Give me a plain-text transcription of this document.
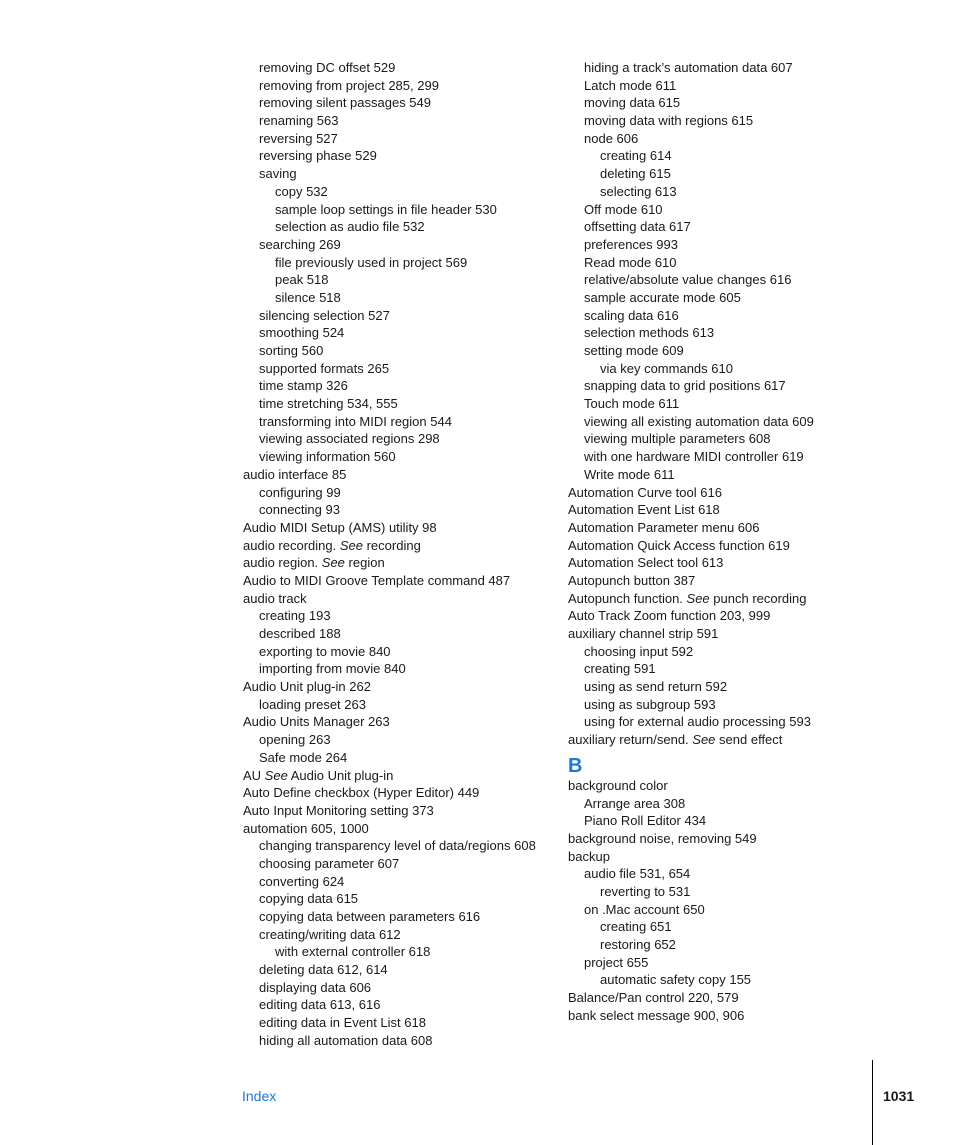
removing DC offset 529
removing from project 285, 299
removing silent passages 549
renaming 563
reversing 527
reversing phase 529
saving
copy 532
sample loop settings in file header 530
selection as audio file 532
searching 269
file previously used in project 569
peak 518
silence 518
silencing selection 527
smoothing 524
sorting 560
supported formats 265
time stamp 326
time stretching 534, 555
transforming into MIDI region 544
viewing associated regions 298
viewing information 560
audio interface 85
configuring 99
connecting 93
Audio MIDI Setup (AMS) utility 98
audio recording. See recording
audio region. See region
Audio to MIDI Groove Template command 487
audio track
creating 193
described 188
exporting to movie 840
importing from movie 840
Audio Unit plug-in 262
loading preset 263
Audio Units Manager 263
opening 263
Safe mode 264
AU See Audio Unit plug-in
Auto Define checkbox (Hyper Editor) 449
Auto Input Monitoring setting 373
automation 605, 1000
changing transparency level of data/regions 608
choosing parameter 607
converting 624
copying data 615
copying data between parameters 616
creating/writing data 612
with external controller 618
deleting data 612, 614
displaying data 606
editing data 613, 616
editing data in Event List 618
hiding all automation data 608
hiding a track’s automation data 607
Latch mode 611
moving data 615
moving data with regions 615
node 606
creating 614
deleting 615
selecting 613
Off mode 610
offsetting data 617
preferences 993
Read mode 610
relative/absolute value changes 616
sample accurate mode 605
scaling data 616
selection methods 613
setting mode 609
via key commands 610
snapping data to grid positions 617
Touch mode 611
viewing all existing automation data 609
viewing multiple parameters 608
with one hardware MIDI controller 619
Write mode 611
Automation Curve tool 616
Automation Event List 618
Automation Parameter menu 606
Automation Quick Access function 619
Automation Select tool 613
Autopunch button 387
Autopunch function. See punch recording
Auto Track Zoom function 203, 999
auxiliary channel strip 591
choosing input 592
creating 591
using as send return 592
using as subgroup 593
using for external audio processing 593
auxiliary return/send. See send effect
B
background color
Arrange area 308
Piano Roll Editor 434
background noise, removing 549
backup
audio file 531, 654
reverting to 531
on .Mac account 650
creating 651
restoring 652
project 655
automatic safety copy 155
Balance/Pan control 220, 579
bank select message 900, 906
Index	1031
